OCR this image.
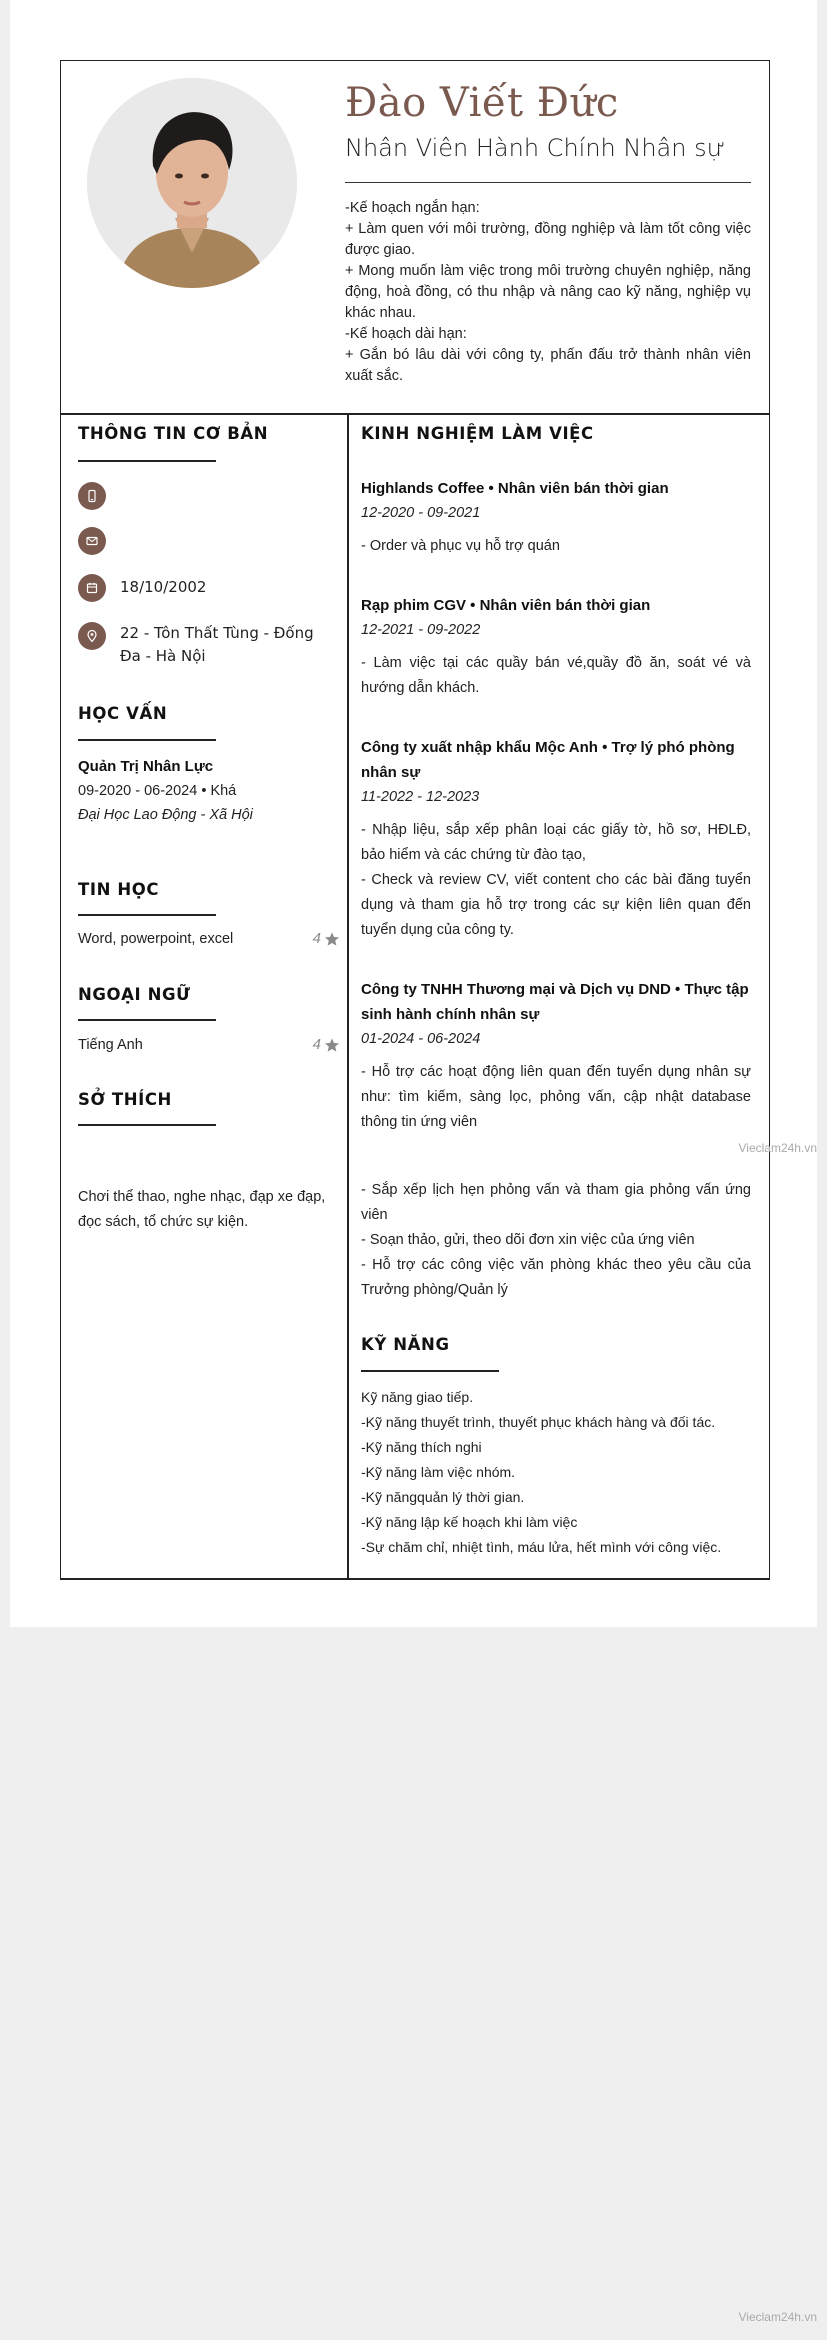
Đào Viết Đức
Nhân Viên Hành Chính Nhân sự
-Kế hoạch ngắn hạn:
+ Làm quen với môi trường, đồng nghiệp và làm tốt công việc được giao.
+ Mong muốn làm việc trong môi trường chuyên nghiệp, năng động, hoà đồng, có thu nhập và nâng cao kỹ năng, nghiệp vụ khác nhau.
-Kế hoạch dài hạn:
+ Gắn bó lâu dài với công ty, phấn đấu trở thành nhân viên xuất sắc.
THÔNG TIN CƠ BẢN
18/10/2002
22 - Tôn Thất Tùng - Đống Đa - Hà Nội
HỌC VẤN
Quản Trị Nhân Lực
09-2020 - 06-2024 • Khá
Đại Học Lao Động - Xã Hội
TIN HỌC
Word, powerpoint, excel	4
NGOẠI NGỮ
Tiếng Anh	4
SỞ THÍCH
KINH NGHIỆM LÀM VIỆC
Highlands Coffee • Nhân viên bán thời gian
12-2020 - 09-2021
- Order và phục vụ hỗ trợ quán
Rạp phim CGV • Nhân viên bán thời gian
12-2021 - 09-2022
- Làm việc tại các quầy bán vé,quầy đồ ăn, soát vé và hướng dẫn khách.
Công ty xuất nhập khẩu Mộc Anh • Trợ lý phó phòng nhân sự
11-2022 - 12-2023
- Nhập liệu, sắp xếp phân loại các giấy tờ, hồ sơ, HĐLĐ, bảo hiểm và các chứng từ đào tạo,
- Check và review CV, viết content cho các bài đăng tuyển dụng và tham gia hỗ trợ trong các sự kiện liên quan đến tuyển dụng của công ty.
Công ty TNHH Thương mại và Dịch vụ DND • Thực tập sinh hành chính nhân sự
01-2024 - 06-2024
- Hỗ trợ các hoạt động liên quan đến tuyển dụng nhân sự như: tìm kiếm, sàng lọc, phỏng vấn, cập nhật database thông tin ứng viên
Vieclam24h.vn
Chơi thể thao, nghe nhạc, đạp xe đạp, đọc sách, tổ chức sự kiện.
- Sắp xếp lịch hẹn phỏng vấn và tham gia phỏng vấn ứng viên
- Soạn thảo, gửi, theo dõi đơn xin việc của ứng viên
- Hỗ trợ các công việc văn phòng khác theo yêu cầu của Trưởng phòng/Quản lý
KỸ NĂNG
Kỹ năng giao tiếp.
-Kỹ năng thuyết trình, thuyết phục khách hàng và đối tác.
-Kỹ năng thích nghi
-Kỹ năng làm việc nhóm.
-Kỹ năngquản lý thời gian.
-Kỹ năng lập kế hoạch khi làm việc
-Sự chăm chỉ, nhiệt tình, máu lửa, hết mình với công việc.
Vieclam24h.vn
